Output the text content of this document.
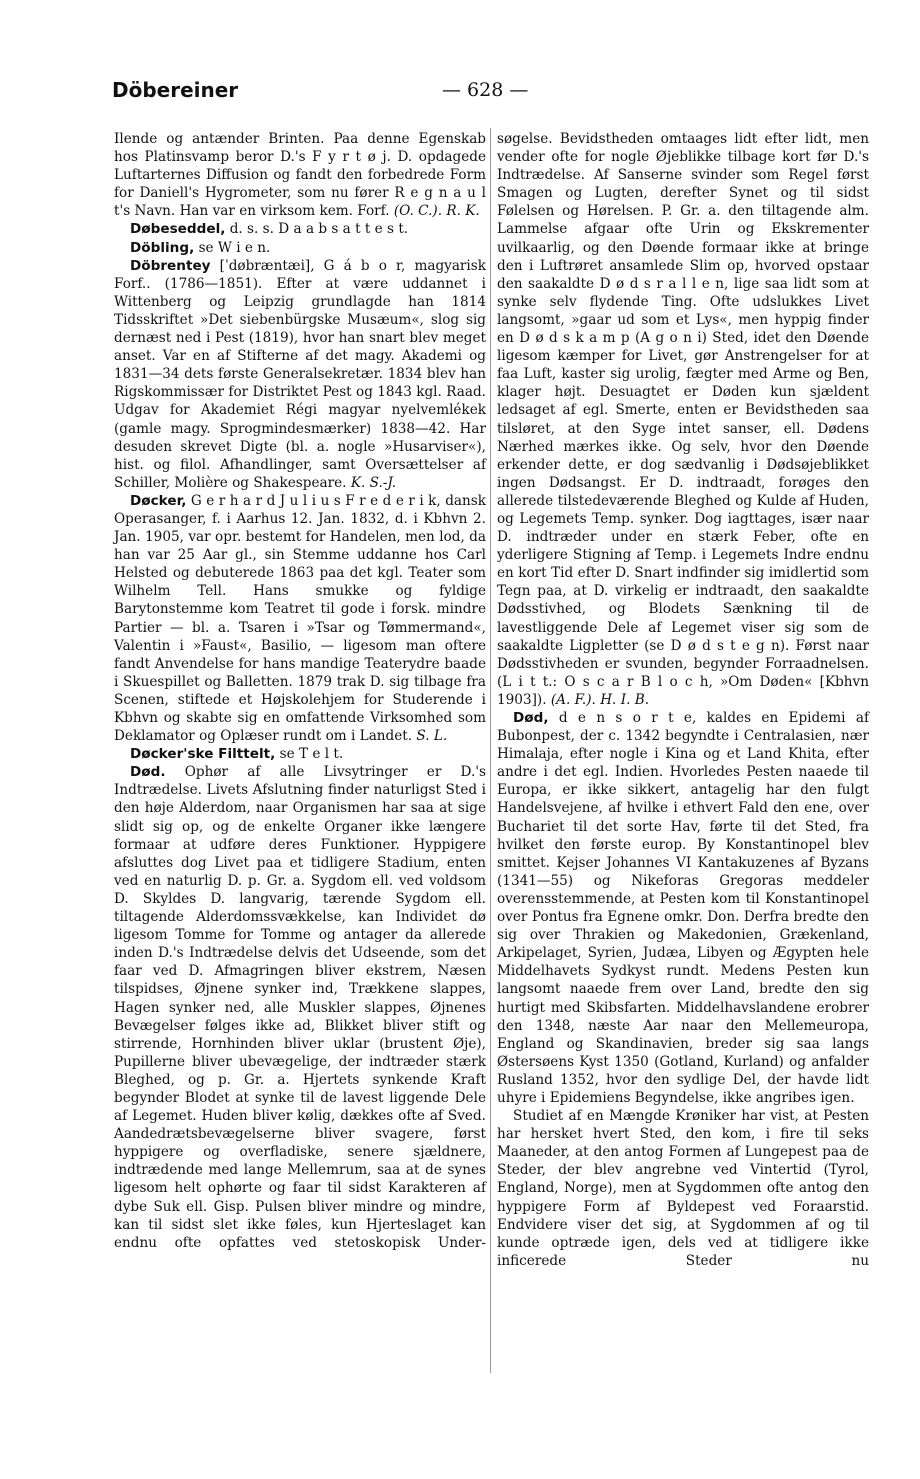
Döbereiner	— 628 —

Ilende og antænder Brinten. Paa denne Egenskab hos Platinsvamp beror D.'s F y r t ø j. D. opdagede Luftarternes Diffusion og fandt den forbedrede Form for Daniell's Hygrometer, som nu fører R e g n a u l t's Navn. Han var en virksom kem. Forf. (O. C.). R. K.

Døbeseddel, d. s. s. D a a b s a t t e s t.

Döbling, se W i e n.

Döbrentey [ˈdøbræntæi], G á b o r, magyarisk Forf.. (1786—1851). Efter at være uddannet i Wittenberg og Leipzig grundlagde han 1814 Tidsskriftet »Det siebenbürgske Musæum«, slog sig dernæst ned i Pest (1819), hvor han snart blev meget anset. Var en af Stifterne af det magy. Akademi og 1831—34 dets første Generalsekretær. 1834 blev han Rigskommissær for Distriktet Pest og 1843 kgl. Raad. Udgav for Akademiet Régi magyar nyelvemlékek (gamle magy. Sprogmindesmærker) 1838—42. Har desuden skrevet Digte (bl. a. nogle »Husarviser«), hist. og filol. Afhandlinger, samt Oversættelser af Schiller, Molière og Shakespeare. K. S.-J.

Døcker, G e r h a r d J u l i u s F r e d e r i k, dansk Operasanger, f. i Aarhus 12. Jan. 1832, d. i Kbhvn 2. Jan. 1905, var opr. bestemt for Handelen, men lod, da han var 25 Aar gl., sin Stemme uddanne hos Carl Helsted og debuterede 1863 paa det kgl. Teater som Wilhelm Tell. Hans smukke og fyldige Barytonstemme kom Teatret til gode i forsk. mindre Partier — bl. a. Tsaren i »Tsar og Tømmermand«, Valentin i »Faust«, Basilio, — ligesom man oftere fandt Anvendelse for hans mandige Teaterydre baade i Skuespillet og Balletten. 1879 trak D. sig tilbage fra Scenen, stiftede et Højskolehjem for Studerende i Kbhvn og skabte sig en omfattende Virksomhed som Deklamator og Oplæser rundt om i Landet. S. L.

Døcker'ske Filttelt, se T e l t.

Død. Ophør af alle Livsytringer er D.'s Indtrædelse. Livets Afslutning finder naturligst Sted i den høje Alderdom, naar Organismen har saa at sige slidt sig op, og de enkelte Organer ikke længere formaar at udføre deres Funktioner. Hyppigere afsluttes dog Livet paa et tidligere Stadium, enten ved en naturlig D. p. Gr. a. Sygdom ell. ved voldsom D. Skyldes D. langvarig, tærende Sygdom ell. tiltagende Alderdomssvækkelse, kan Individet dø ligesom Tomme for Tomme og antager da allerede inden D.'s Indtrædelse delvis det Udseende, som det faar ved D. Afmagringen bliver ekstrem, Næsen tilspidses, Øjnene synker ind, Trækkene slappes, Hagen synker ned, alle Muskler slappes, Øjnenes Bevægelser følges ikke ad, Blikket bliver stift og stirrende, Hornhinden bliver uklar (brustent Øje), Pupillerne bliver ubevægelige, der indtræder stærk Bleghed, og p. Gr. a. Hjertets synkende Kraft begynder Blodet at synke til de lavest liggende Dele af Legemet. Huden bliver kølig, dækkes ofte af Sved. Aandedrætsbevægelserne bliver svagere, først hyppigere og overfladiske, senere sjældnere, indtrædende med lange Mellemrum, saa at de synes ligesom helt ophørte og faar til sidst Karakteren af dybe Suk ell. Gisp. Pulsen bliver mindre og mindre, kan til sidst slet ikke føles, kun Hjerteslaget kan endnu ofte opfattes ved stetoskopisk Under-

søgelse. Bevidstheden omtaages lidt efter lidt, men vender ofte for nogle Øjeblikke tilbage kort før D.'s Indtrædelse. Af Sanserne svinder som Regel først Smagen og Lugten, derefter Synet og til sidst Følelsen og Hørelsen. P. Gr. a. den tiltagende alm. Lammelse afgaar ofte Urin og Ekskrementer uvilkaarlig, og den Døende formaar ikke at bringe den i Luftrøret ansamlede Slim op, hvorved opstaar den saakaldte D ø d s r a l l e n, lige saa lidt som at synke selv flydende Ting. Ofte udslukkes Livet langsomt, »gaar ud som et Lys«, men hyppig finder en D ø d s k a m p (A g o n i) Sted, idet den Døende ligesom kæmper for Livet, gør Anstrengelser for at faa Luft, kaster sig urolig, fægter med Arme og Ben, klager højt. Desuagtet er Døden kun sjældent ledsaget af egl. Smerte, enten er Bevidstheden saa tilsløret, at den Syge intet sanser, ell. Dødens Nærhed mærkes ikke. Og selv, hvor den Døende erkender dette, er dog sædvanlig i Dødsøjeblikket ingen Dødsangst. Er D. indtraadt, forøges den allerede tilstedeværende Bleghed og Kulde af Huden, og Legemets Temp. synker. Dog iagttages, især naar D. indtræder under en stærk Feber, ofte en yderligere Stigning af Temp. i Legemets Indre endnu en kort Tid efter D. Snart indfinder sig imidlertid som Tegn paa, at D. virkelig er indtraadt, den saakaldte Dødsstivhed, og Blodets Sænkning til de lavestliggende Dele af Legemet viser sig som de saakaldte Ligpletter (se D ø d s t e g n). Først naar Dødsstivheden er svunden, begynder Forraadnelsen. (L i t t.: O s c a r B l o c h, »Om Døden« [Kbhvn 1903]). (A. F.). H. I. B.

Død, d e n s o r t e, kaldes en Epidemi af Bubonpest, der c. 1342 begyndte i Centralasien, nær Himalaja, efter nogle i Kina og et Land Khita, efter andre i det egl. Indien. Hvorledes Pesten naaede til Europa, er ikke sikkert, antagelig har den fulgt Handelsvejene, af hvilke i ethvert Fald den ene, over Buchariet til det sorte Hav, førte til det Sted, fra hvilket den første europ. By Konstantinopel blev smittet. Kejser Johannes VI Kantakuzenes af Byzans (1341—55) og Nikeforas Gregoras meddeler overensstemmende, at Pesten kom til Konstantinopel over Pontus fra Egnene omkr. Don. Derfra bredte den sig over Thrakien og Makedonien, Grækenland, Arkipelaget, Syrien, Judæa, Libyen og Ægypten hele Middelhavets Sydkyst rundt. Medens Pesten kun langsomt naaede frem over Land, bredte den sig hurtigt med Skibsfarten. Middelhavslandene erobrer den 1348, næste Aar naar den Mellemeuropa, England og Skandinavien, breder sig saa langs Østersøens Kyst 1350 (Gotland, Kurland) og anfalder Rusland 1352, hvor den sydlige Del, der havde lidt uhyre i Epidemiens Begyndelse, ikke angribes igen.

Studiet af en Mængde Krøniker har vist, at Pesten har hersket hvert Sted, den kom, i fire til seks Maaneder, at den antog Formen af Lungepest paa de Steder, der blev angrebne ved Vintertid (Tyrol, England, Norge), men at Sygdommen ofte antog den hyppigere Form af Byldepest ved Foraarstid. Endvidere viser det sig, at Sygdommen af og til kunde optræde igen, dels ved at tidligere ikke inficerede Steder nu
